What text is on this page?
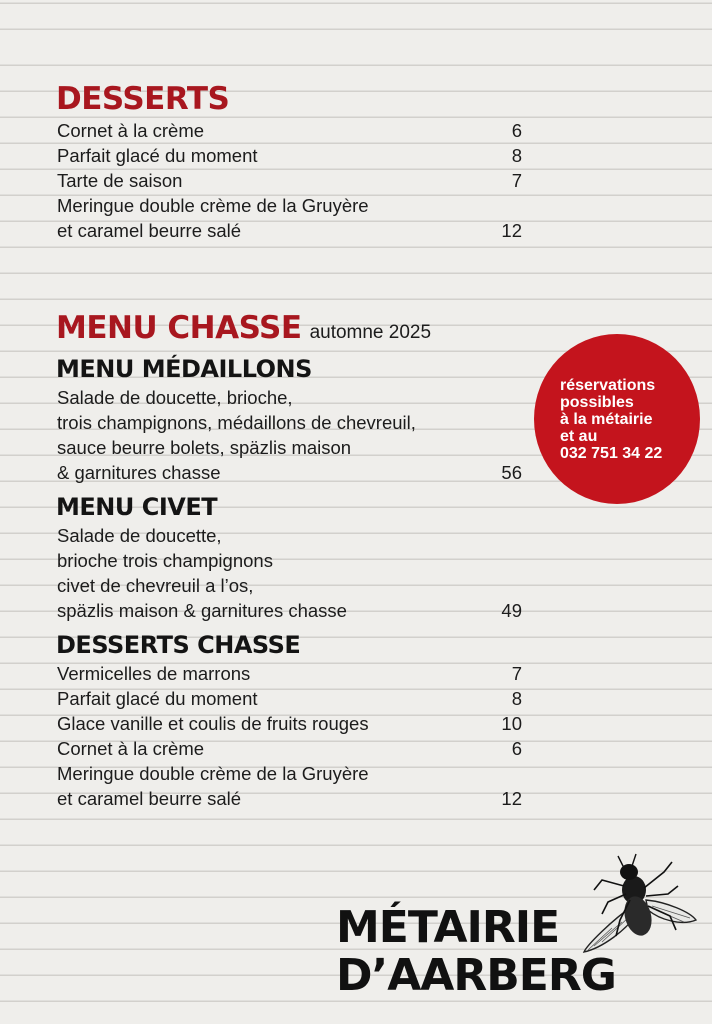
DESSERTS
Cornet à la crème	6
Parfait glacé du moment	8
Tarte de saison	7
Meringue double crème de la Gruyère
et caramel beurre salé	12
MENU CHASSE automne 2025
MENU MÉDAILLONS
Salade de doucette, brioche,
trois champignons, médaillons de chevreuil,
sauce beurre bolets, späzlis maison
& garnitures chasse	56
MENU CIVET
Salade de doucette,
brioche trois champignons
civet de chevreuil a l’os,
späzlis maison & garnitures chasse	49
DESSERTS CHASSE
Vermicelles de marrons	7
Parfait glacé du moment	8
Glace vanille et coulis de fruits rouges	10
Cornet à la crème	6
Meringue double crème de la Gruyère
et caramel beurre salé	12
réservations
possibles
à la métairie
et au
032 751 34 22
MÉTAIRIE
D’AARBERG
